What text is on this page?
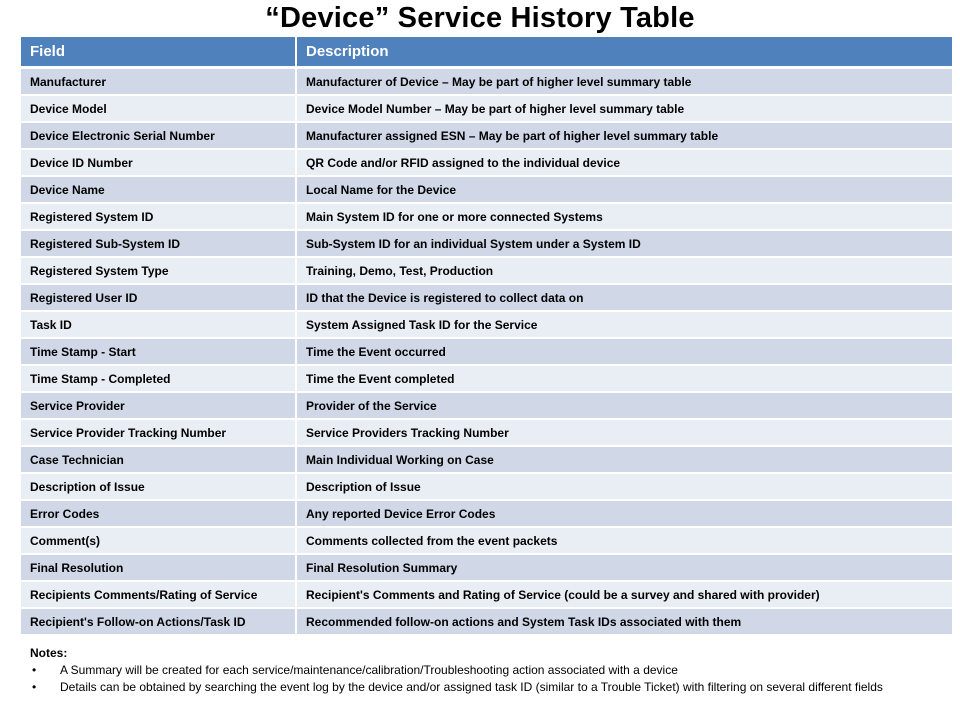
“Device” Service History Table
Field	Description
Manufacturer	Manufacturer of Device – May be part of higher level summary table
Device Model	Device Model Number – May be part of higher level summary table
Device Electronic Serial Number	Manufacturer assigned ESN – May be part of higher level summary table
Device ID Number	QR Code and/or RFID assigned to the individual device
Device Name	Local Name for the Device
Registered System ID	Main System ID for one or more connected Systems
Registered Sub-System ID	Sub-System ID for an individual System under a System ID
Registered System Type	Training, Demo, Test, Production
Registered User ID	ID that the Device is registered to collect data on
Task ID	System Assigned Task ID for the Service
Time Stamp - Start	Time the Event occurred
Time Stamp - Completed	Time the Event completed
Service Provider	Provider of the Service
Service Provider Tracking Number	Service Providers Tracking Number
Case Technician	Main Individual Working on Case
Description of Issue	Description of Issue
Error Codes	Any reported Device Error Codes
Comment(s)	Comments collected from the event packets
Final Resolution	Final Resolution Summary
Recipients Comments/Rating of Service	Recipient's Comments and Rating of Service (could be a survey and shared with provider)
Recipient's Follow-on Actions/Task ID	Recommended follow-on actions and System Task IDs associated with them
Notes:
• A Summary will be created for each service/maintenance/calibration/Troubleshooting action associated with a device
• Details can be obtained by searching the event log by the device and/or assigned task ID (similar to a Trouble Ticket) with filtering on several different fields
